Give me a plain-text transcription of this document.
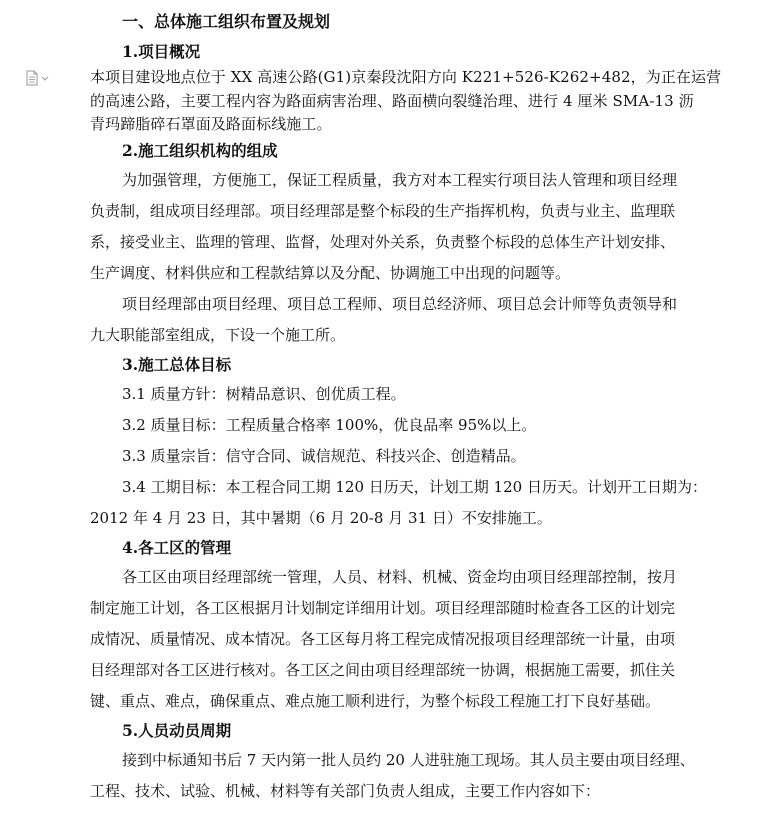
一、总体施工组织布置及规划
1.项目概况
本项目建设地点位于 XX 高速公路(G1)京秦段沈阳方向 K221+526-K262+482，为正在运营
的高速公路，主要工程内容为路面病害治理、路面横向裂缝治理、进行 4 厘米 SMA-13 沥
青玛蹄脂碎石罩面及路面标线施工。
2.施工组织机构的组成
为加强管理，方便施工，保证工程质量，我方对本工程实行项目法人管理和项目经理
负责制，组成项目经理部。项目经理部是整个标段的生产指挥机构，负责与业主、监理联
系，接受业主、监理的管理、监督，处理对外关系，负责整个标段的总体生产计划安排、
生产调度、材料供应和工程款结算以及分配、协调施工中出现的问题等。
项目经理部由项目经理、项目总工程师、项目总经济师、项目总会计师等负责领导和
九大职能部室组成，下设一个施工所。
3.施工总体目标
3.1 质量方针：树精品意识、创优质工程。
3.2 质量目标：工程质量合格率 100%，优良品率 95%以上。
3.3 质量宗旨：信守合同、诚信规范、科技兴企、创造精品。
3.4 工期目标：本工程合同工期 120 日历天，计划工期 120 日历天。计划开工日期为：
2012 年 4 月 23 日，其中暑期（6 月 20-8 月 31 日）不安排施工。
4.各工区的管理
各工区由项目经理部统一管理，人员、材料、机械、资金均由项目经理部控制，按月
制定施工计划，各工区根据月计划制定详细用计划。项目经理部随时检查各工区的计划完
成情况、质量情况、成本情况。各工区每月将工程完成情况报项目经理部统一计量，由项
目经理部对各工区进行核对。各工区之间由项目经理部统一协调，根据施工需要，抓住关
键、重点、难点，确保重点、难点施工顺利进行，为整个标段工程施工打下良好基础。
5.人员动员周期
接到中标通知书后 7 天内第一批人员约 20 人进驻施工现场。其人员主要由项目经理、
工程、技术、试验、机械、材料等有关部门负责人组成，主要工作内容如下：
